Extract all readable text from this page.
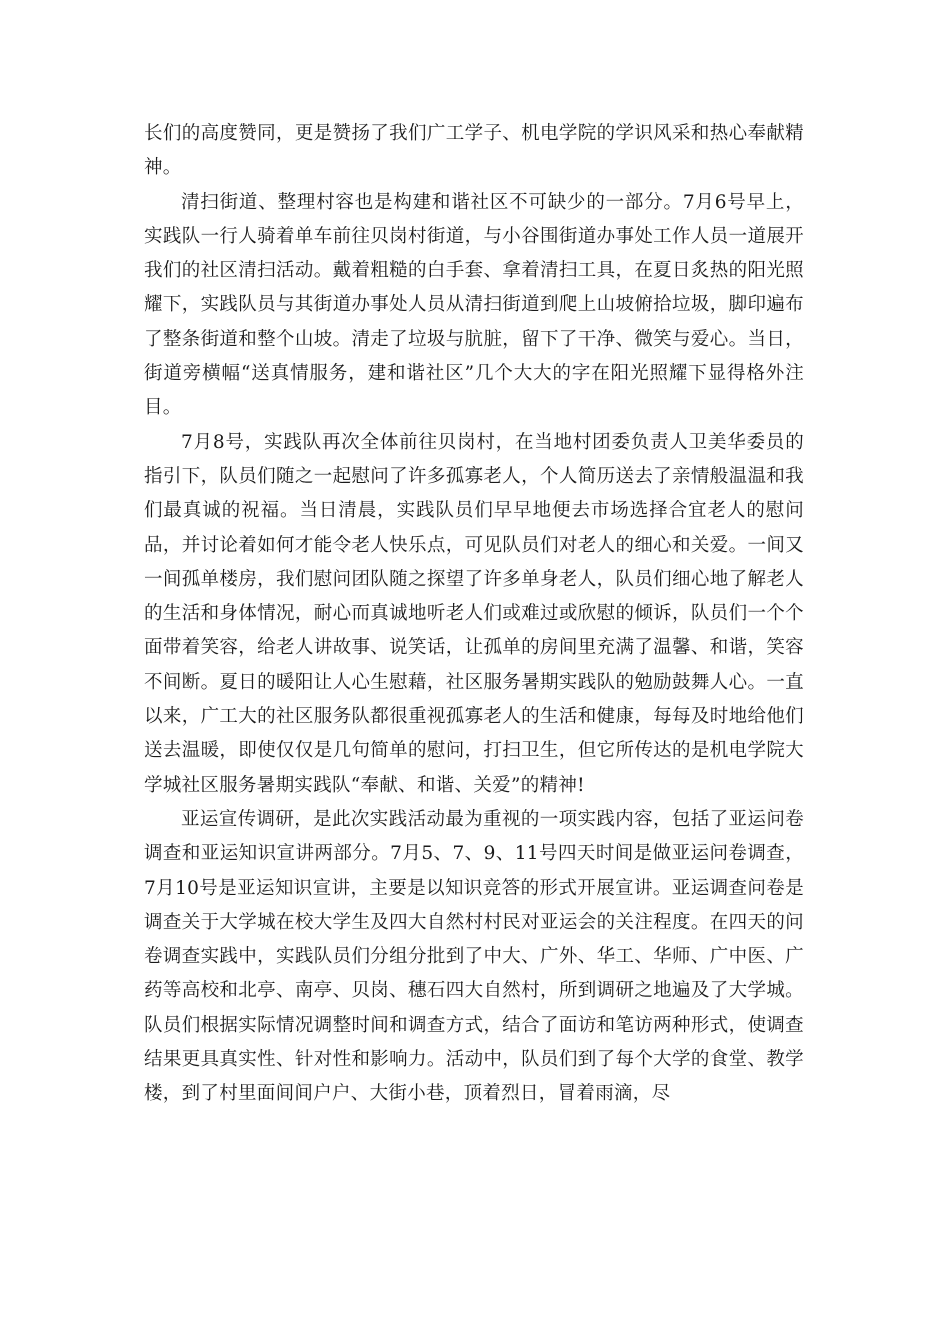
长们的高度赞同，更是赞扬了我们广工学子、机电学院的学识风采和热心奉献精神。

清扫街道、整理村容也是构建和谐社区不可缺少的一部分。7月6号早上，实践队一行人骑着单车前往贝岗村街道，与小谷围街道办事处工作人员一道展开我们的社区清扫活动。戴着粗糙的白手套、拿着清扫工具，在夏日炙热的阳光照耀下，实践队员与其街道办事处人员从清扫街道到爬上山坡俯拾垃圾，脚印遍布了整条街道和整个山坡。清走了垃圾与肮脏，留下了干净、微笑与爱心。当日，街道旁横幅“送真情服务，建和谐社区”几个大大的字在阳光照耀下显得格外注目。

7月8号，实践队再次全体前往贝岗村，在当地村团委负责人卫美华委员的指引下，队员们随之一起慰问了许多孤寡老人，个人简历送去了亲情般温温和我们最真诚的祝福。当日清晨，实践队员们早早地便去市场选择合宜老人的慰问品，并讨论着如何才能令老人快乐点，可见队员们对老人的细心和关爱。一间又一间孤单楼房，我们慰问团队随之探望了许多单身老人，队员们细心地了解老人的生活和身体情况，耐心而真诚地听老人们或难过或欣慰的倾诉，队员们一个个面带着笑容，给老人讲故事、说笑话，让孤单的房间里充满了温馨、和谐，笑容不间断。夏日的暖阳让人心生慰藉，社区服务暑期实践队的勉励鼓舞人心。一直以来，广工大的社区服务队都很重视孤寡老人的生活和健康，每每及时地给他们送去温暖，即使仅仅是几句简单的慰问，打扫卫生，但它所传达的是机电学院大学城社区服务暑期实践队“奉献、和谐、关爱”的精神!

亚运宣传调研，是此次实践活动最为重视的一项实践内容，包括了亚运问卷调查和亚运知识宣讲两部分。7月5、7、9、11号四天时间是做亚运问卷调查，7月10号是亚运知识宣讲，主要是以知识竞答的形式开展宣讲。亚运调查问卷是调查关于大学城在校大学生及四大自然村村民对亚运会的关注程度。在四天的问卷调查实践中，实践队员们分组分批到了中大、广外、华工、华师、广中医、广药等高校和北亭、南亭、贝岗、穗石四大自然村，所到调研之地遍及了大学城。队员们根据实际情况调整时间和调查方式，结合了面访和笔访两种形式，使调查结果更具真实性、针对性和影响力。活动中，队员们到了每个大学的食堂、教学楼，到了村里面间间户户、大街小巷，顶着烈日，冒着雨滴，尽
